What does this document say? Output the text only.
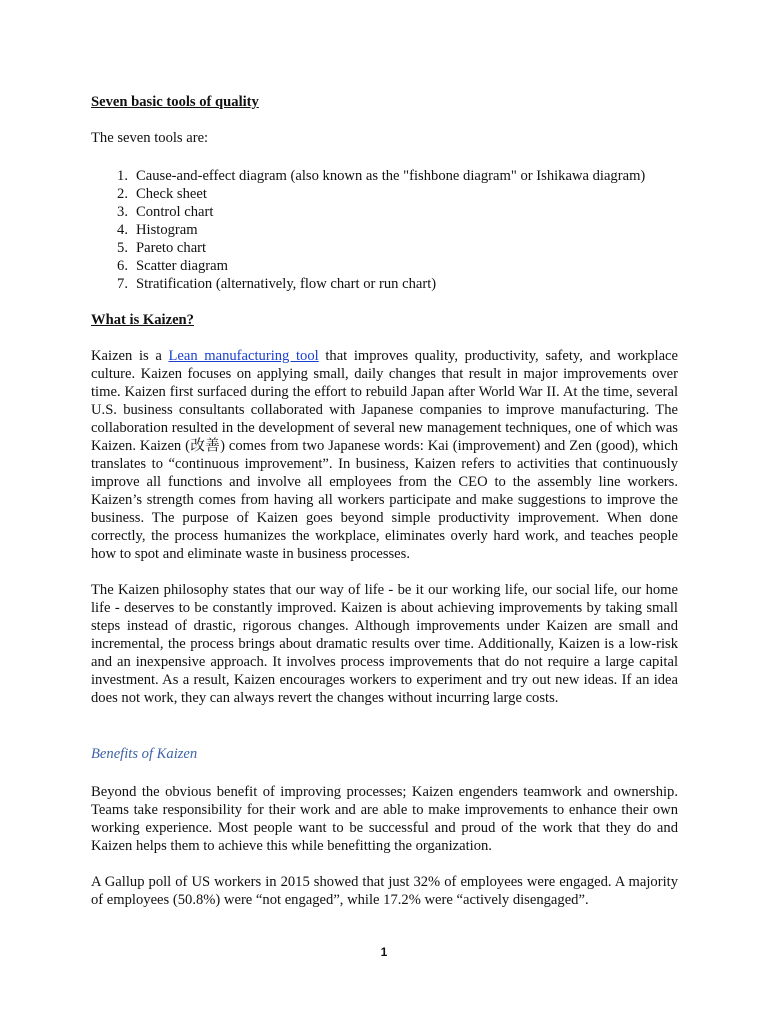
Seven basic tools of quality

The seven tools are:

1. Cause-and-effect diagram (also known as the "fishbone diagram" or Ishikawa diagram)
2. Check sheet
3. Control chart
4. Histogram
5. Pareto chart
6. Scatter diagram
7. Stratification (alternatively, flow chart or run chart)

What is Kaizen?

Kaizen is a Lean manufacturing tool that improves quality, productivity, safety, and workplace culture. Kaizen focuses on applying small, daily changes that result in major improvements over time. Kaizen first surfaced during the effort to rebuild Japan after World War II. At the time, several U.S. business consultants collaborated with Japanese companies to improve manufacturing. The collaboration resulted in the development of several new management techniques, one of which was Kaizen. Kaizen (改善) comes from two Japanese words: Kai (improvement) and Zen (good), which translates to “continuous improvement”. In business, Kaizen refers to activities that continuously improve all functions and involve all employees from the CEO to the assembly line workers. Kaizen’s strength comes from having all workers participate and make suggestions to improve the business. The purpose of Kaizen goes beyond simple productivity improvement. When done correctly, the process humanizes the workplace, eliminates overly hard work, and teaches people how to spot and eliminate waste in business processes.

The Kaizen philosophy states that our way of life - be it our working life, our social life, our home life - deserves to be constantly improved. Kaizen is about achieving improvements by taking small steps instead of drastic, rigorous changes. Although improvements under Kaizen are small and incremental, the process brings about dramatic results over time. Additionally, Kaizen is a low-risk and an inexpensive approach. It involves process improvements that do not require a large capital investment. As a result, Kaizen encourages workers to experiment and try out new ideas. If an idea does not work, they can always revert the changes without incurring large costs.

Benefits of Kaizen

Beyond the obvious benefit of improving processes; Kaizen engenders teamwork and ownership. Teams take responsibility for their work and are able to make improvements to enhance their own working experience. Most people want to be successful and proud of the work that they do and Kaizen helps them to achieve this while benefitting the organization.

A Gallup poll of US workers in 2015 showed that just 32% of employees were engaged. A majority of employees (50.8%) were “not engaged”, while 17.2% were “actively disengaged”.

1
